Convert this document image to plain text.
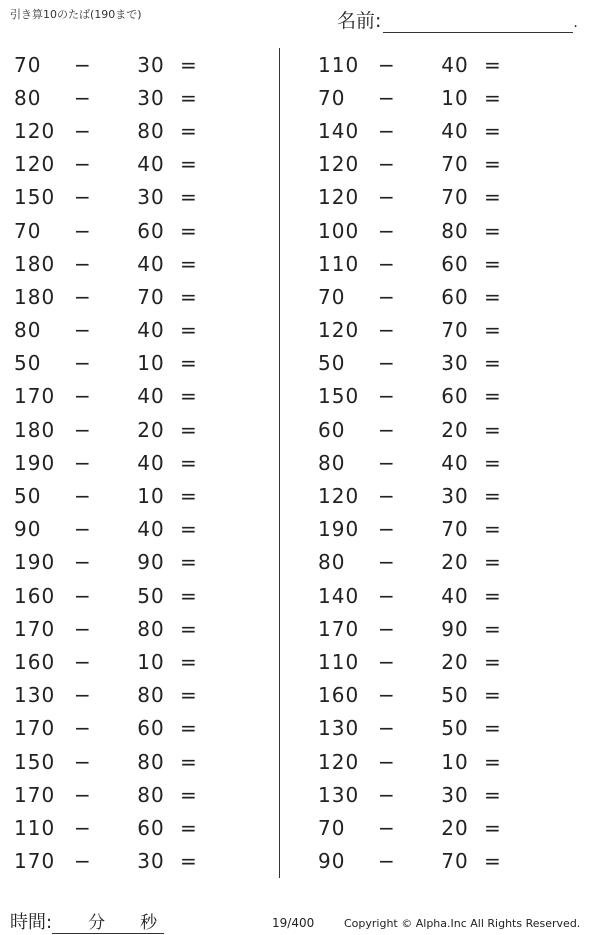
引き算10のたば(190まで)	名前:	.
70	−	30 =
80	−	30 =
120 −	80 =
120 −	40 =
150 −	30 =
70	−	60 =
180 −	40 =
180 −	70 =
80	−	40 =
50	−	10 =
170 −	40 =
180 −	20 =
190 −	40 =
50	−	10 =
90	−	40 =
190 −	90 =
160 −	50 =
170 −	80 =
160 −	10 =
130 −	80 =
170 −	60 =
150 −	80 =
170 −	80 =
110 −	60 =
170 −	30 =
110 −	40 =
70	−	10 =
140 −	40 =
120 −	70 =
120 −	70 =
100 −	80 =
110 −	60 =
70	−	60 =
120 −	70 =
50	−	30 =
150 −	60 =
60	−	20 =
80	−	40 =
120 −	30 =
190 −	70 =
80	−	20 =
140 −	40 =
170 −	90 =
110 −	20 =
160 −	50 =
130 −	50 =
120 −	10 =
130 −	30 =
70	−	20 =
90	−	70 =
時間: 分 秒	19/400	Copyright © Alpha.Inc All Rights Reserved.
